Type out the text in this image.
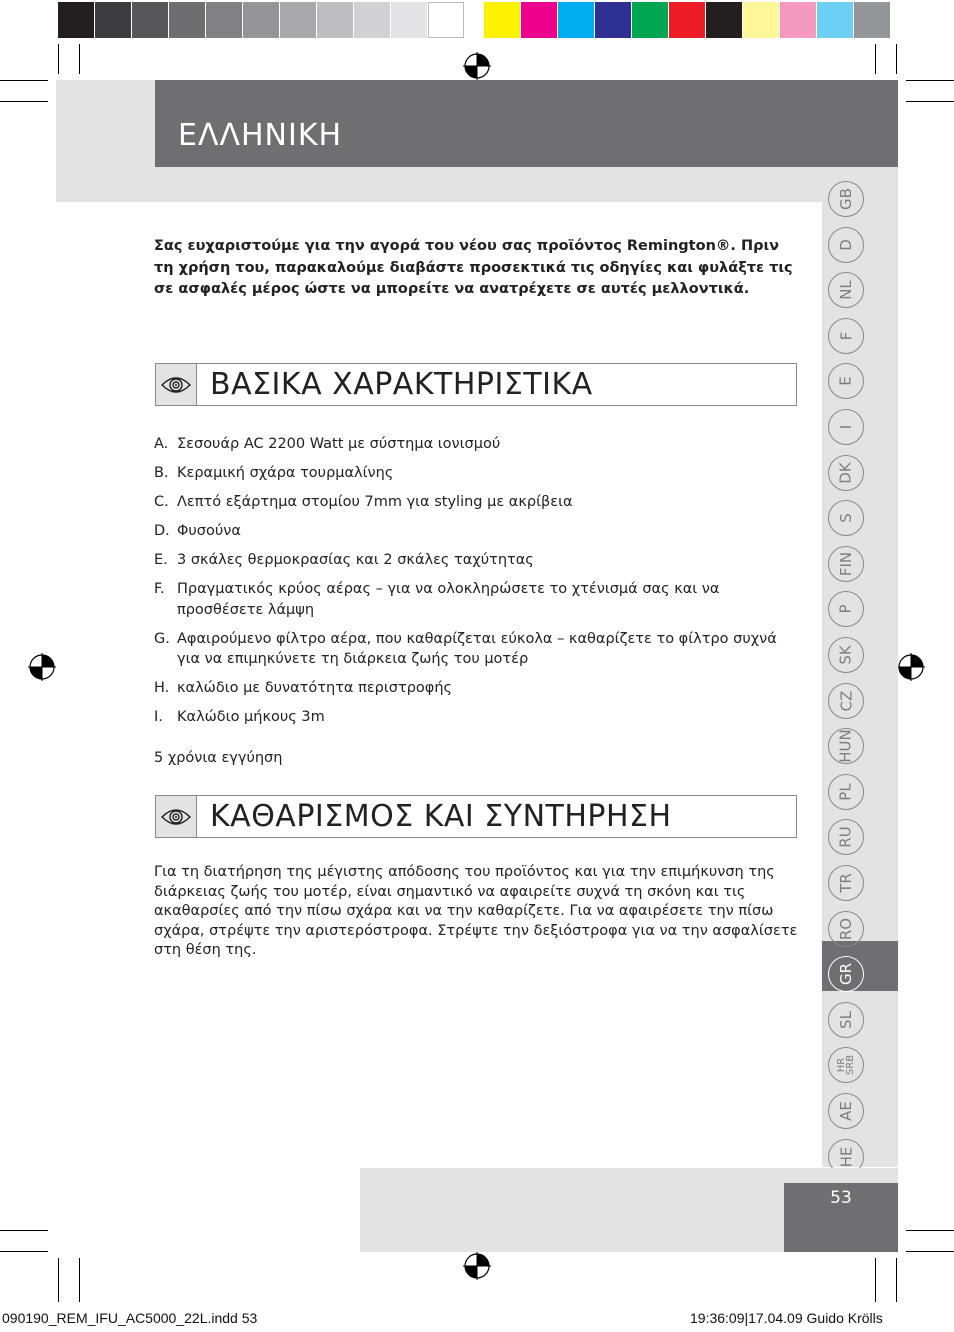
ΕΛΛΗΝΙΚΗ
GB
D
NL
F
E
I
DK
S
FIN
P
SK
CZ
HUN
PL
RU
TR
RO
GR
SL
HR
SRB
AE
HE
Σας ευχαριστούμε για την αγορά του νέου σας προϊόντος Remington®. Πριν τη χρήση του, παρακαλούμε διαβάστε προσεκτικά τις οδηγίες και φυλάξτε τις σε ασφαλές μέρος ώστε να μπορείτε να ανατρέχετε σε αυτές μελλοντικά.
ΒΑΣΙΚΑ ΧΑΡΑΚΤΗΡΙΣΤΙΚΑ
A. Σεσουάρ AC 2200 Watt με σύστημα ιονισμού
B. Κεραμική σχάρα τουρμαλίνης
C. Λεπτό εξάρτημα στομίου 7mm για styling με ακρίβεια
D. Φυσούνα
E. 3 σκάλες θερμοκρασίας και 2 σκάλες ταχύτητας
F. Πραγματικός κρύος αέρας – για να ολοκληρώσετε το χτένισμά σας και να προσθέσετε λάμψη
G. Αφαιρούμενο φίλτρο αέρα, που καθαρίζεται εύκολα – καθαρίζετε το φίλτρο συχνά για να επιμηκύνετε τη διάρκεια ζωής του μοτέρ
H. καλώδιο με δυνατότητα περιστροφής
I. Καλώδιο μήκους 3m
5 χρόνια εγγύηση
ΚΑΘΑΡΙΣΜΟΣ ΚΑΙ ΣΥΝΤΗΡΗΣΗ
Για τη διατήρηση της μέγιστης απόδοσης του προϊόντος και για την επιμήκυνση της διάρκειας ζωής του μοτέρ, είναι σημαντικό να αφαιρείτε συχνά τη σκόνη και τις ακαθαρσίες από την πίσω σχάρα και να την καθαρίζετε. Για να αφαιρέσετε την πίσω σχάρα, στρέψτε την αριστερόστροφα. Στρέψτε την δεξιόστροφα για να την ασφαλίσετε στη θέση της.
53
090190_REM_IFU_AC5000_22L.indd 53	19:36:09|17.04.09 Guido Krölls
